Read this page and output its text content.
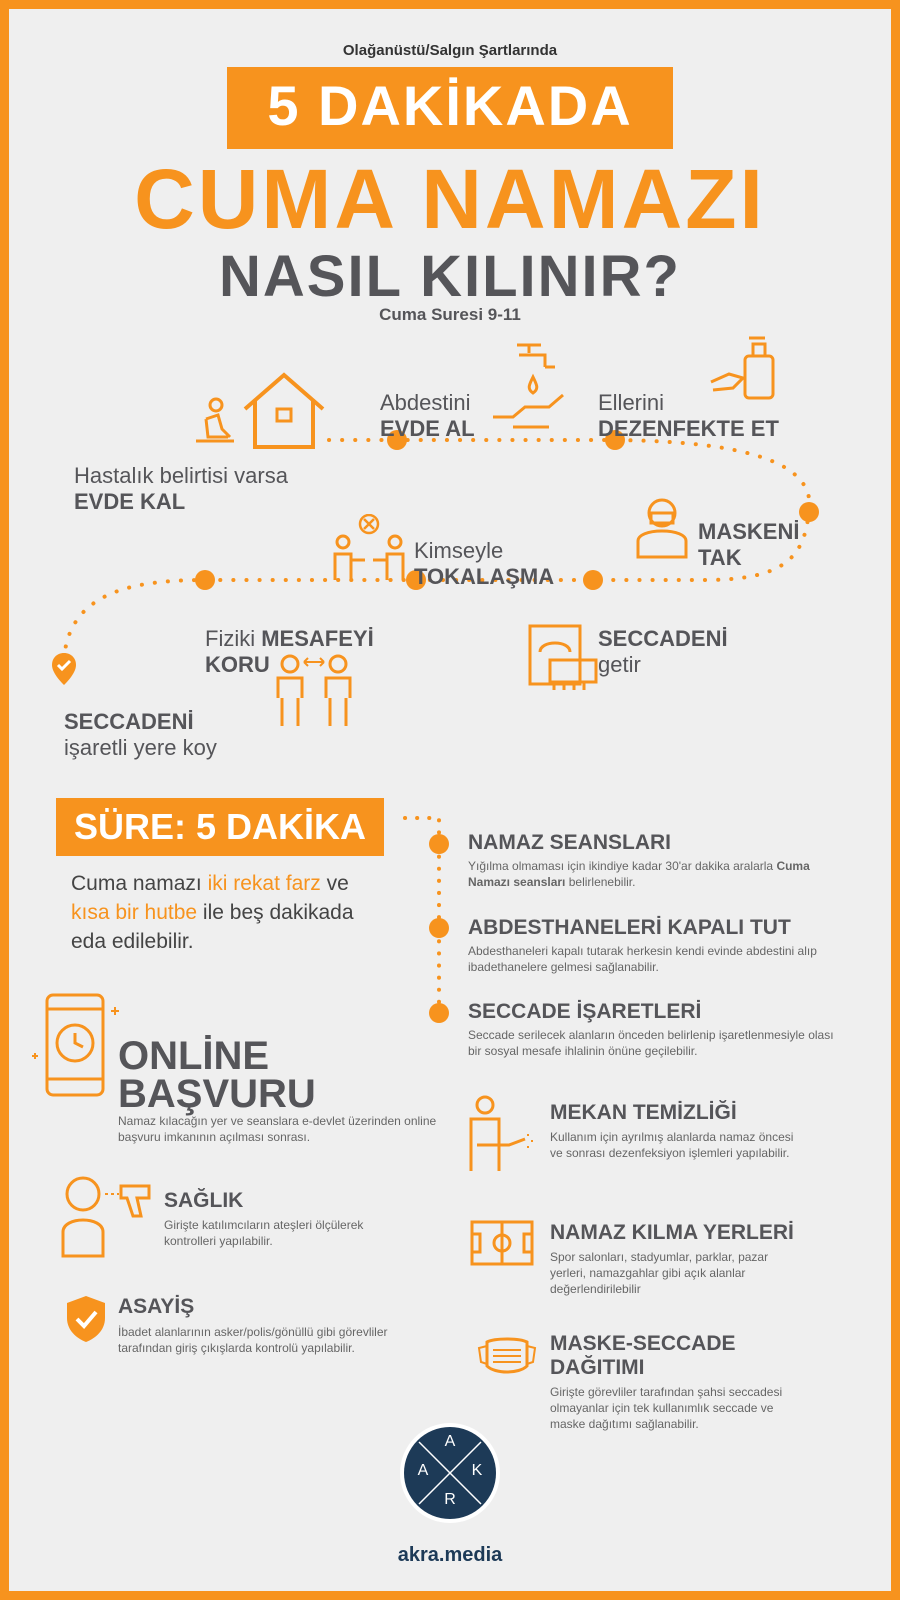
Olağanüstü/Salgın Şartlarında
5 DAKİKADA
CUMA NAMAZI
NASIL KILINIR?
Cuma Suresi 9-11
Hastalık belirtisi varsa
EVDE KAL
Abdestini
EVDE AL
Ellerini
DEZENFEKTE ET
MASKENİ
TAK
Kimseyle
TOKALAŞMA
SECCADENİ
getir
Fiziki MESAFEYİ
KORU
SECCADENİ
işaretli yere koy
SÜRE: 5 DAKİKA
Cuma namazı iki rekat farz ve
kısa bir hutbe ile beş dakikada
eda edilebilir.
NAMAZ SEANSLARI
Yığılma olmaması için ikindiye kadar 30'ar dakika aralarla Cuma Namazı seansları belirlenebilir.
ABDESTHANELERİ KAPALI TUT
Abdesthaneleri kapalı tutarak herkesin kendi evinde abdestini alıp ibadethanelere gelmesi sağlanabilir.
SECCADE İŞARETLERİ
Seccade serilecek alanların önceden belirlenip işaretlenmesiyle olası bir sosyal mesafe ihlalinin önüne geçilebilir.
ONLİNE
BAŞVURU
Namaz kılacağın yer ve seanslara e-devlet üzerinden online başvuru imkanının açılması sonrası.
SAĞLIK
Girişte katılımcıların ateşleri ölçülerek kontrolleri yapılabilir.
ASAYİŞ
İbadet alanlarının asker/polis/gönüllü gibi görevliler tarafından giriş çıkışlarda kontrolü yapılabilir.
MEKAN TEMİZLİĞİ
Kullanım için ayrılmış alanlarda namaz öncesi ve sonrası dezenfeksiyon işlemleri yapılabilir.
NAMAZ KILMA YERLERİ
Spor salonları, stadyumlar, parklar, pazar yerleri, namazgahlar gibi açık alanlar değerlendirilebilir
MASKE-SECCADE
DAĞITIMI
Girişte görevliler tarafından şahsi seccadesi olmayanlar için tek kullanımlık seccade ve maske dağıtımı sağlanabilir.
A
A	K
R
akra.media
